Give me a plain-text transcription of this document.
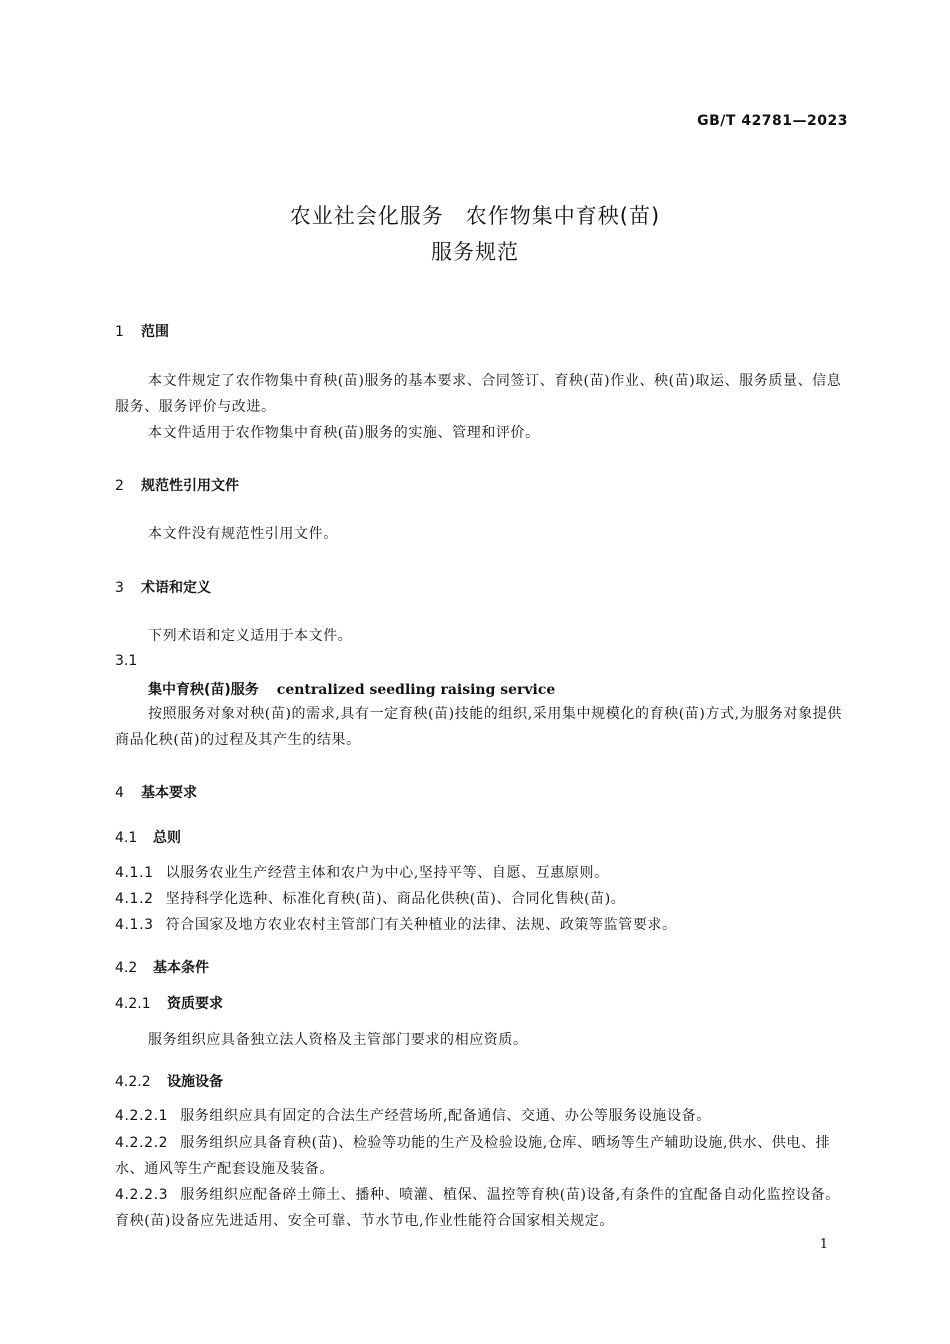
GB/T 42781—2023
农业社会化服务　农作物集中育秧(苗)
服务规范
1 范围
本文件规定了农作物集中育秧(苗)服务的基本要求、合同签订、育秧(苗)作业、秧(苗)取运、服务质量、信息服务、服务评价与改进。
本文件适用于农作物集中育秧(苗)服务的实施、管理和评价。
2 规范性引用文件
本文件没有规范性引用文件。
3 术语和定义
下列术语和定义适用于本文件。
3.1
集中育秧(苗)服务 centralized seedling raising service
按照服务对象对秧(苗)的需求,具有一定育秧(苗)技能的组织,采用集中规模化的育秧(苗)方式,为服务对象提供商品化秧(苗)的过程及其产生的结果。
4 基本要求
4.1 总则
4.1.1 以服务农业生产经营主体和农户为中心,坚持平等、自愿、互惠原则。
4.1.2 坚持科学化选种、标准化育秧(苗)、商品化供秧(苗)、合同化售秧(苗)。
4.1.3 符合国家及地方农业农村主管部门有关种植业的法律、法规、政策等监管要求。
4.2 基本条件
4.2.1 资质要求
服务组织应具备独立法人资格及主管部门要求的相应资质。
4.2.2 设施设备
4.2.2.1 服务组织应具有固定的合法生产经营场所,配备通信、交通、办公等服务设施设备。
4.2.2.2 服务组织应具备育秧(苗)、检验等功能的生产及检验设施,仓库、晒场等生产辅助设施,供水、供电、排水、通风等生产配套设施及装备。
4.2.2.3 服务组织应配备碎土筛土、播种、喷灌、植保、温控等育秧(苗)设备,有条件的宜配备自动化监控设备。育秧(苗)设备应先进适用、安全可靠、节水节电,作业性能符合国家相关规定。
1
